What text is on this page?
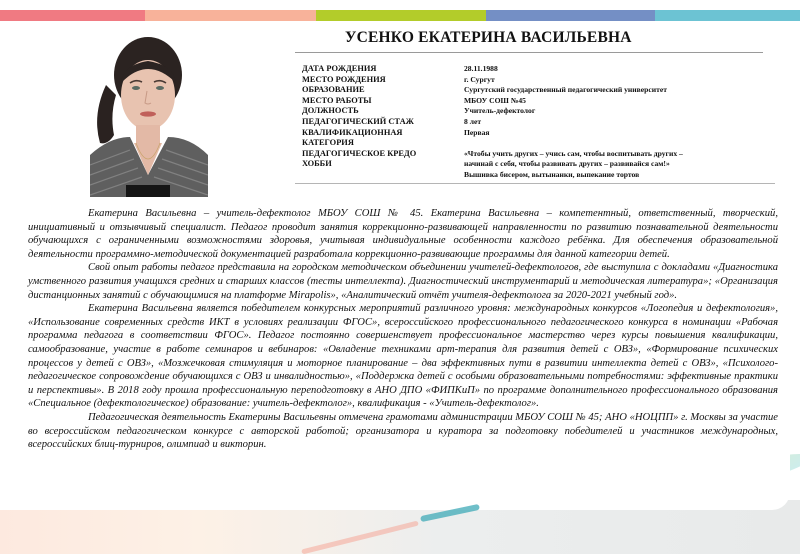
УСЕНКО ЕКАТЕРИНА ВАСИЛЬЕВНА
ДАТА РОЖДЕНИЯ
МЕСТО РОЖДЕНИЯ
ОБРАЗОВАНИЕ
МЕСТО РАБОТЫ
ДОЛЖНОСТЬ
ПЕДАГОГИЧЕСКИЙ СТАЖ
КВАЛИФИКАЦИОННАЯ
КАТЕГОРИЯ
ПЕДАГОГИЧЕСКОЕ КРЕДО
ХОББИ
28.11.1988
г. Сургут
Сургутский государственный педагогический университет
МБОУ СОШ №45
Учитель-дефектолог
8 лет
Первая
«Чтобы учить других – учись сам, чтобы воспитывать других –
начинай с себя, чтобы развивать других – развивайся сам!»
Вышивка бисером, вытынанки, выпекание тортов

Екатерина Васильевна – учитель-дефектолог МБОУ СОШ № 45. Екатерина Васильевна – компетентный, ответственный, творческий, инициативный и отзывчивый специалист. Педагог проводит занятия коррекционно-развивающей направленности по развитию познавательной деятельности обучающихся с ограниченными возможностями здоровья, учитывая индивидуальные особенности каждого ребёнка. Для обеспечения образовательной деятельности программно-методической документацией разработала коррекционно-развивающие программы для данной категории детей.

Свой опыт работы педагог представила на городском методическом объединении учителей-дефектологов, где выступила с докладами «Диагностика умственного развития учащихся средних и старших классов (тесты интеллекта). Диагностический инструментарий и методическая литература»; «Организация дистанционных занятий с обучающимися на платформе Mirapolis», «Аналитический отчёт учителя-дефектолога за 2020-2021 учебный год».

Екатерина Васильевна является победителем конкурсных мероприятий различного уровня: международных конкурсов «Логопедия и дефектология», «Использование современных средств ИКТ в условиях реализации ФГОС», всероссийского профессионального педагогического конкурса в номинации «Рабочая программа педагога в соответствии ФГОС». Педагог постоянно совершенствует профессиональное мастерство через курсы повышения квалификации, самообразование, участие в работе семинаров и вебинаров: «Овладение техниками арт-терапия для развития детей с ОВЗ», «Формирование психических процессов у детей с ОВЗ», «Мозжечковая стимуляция и моторное планирование – два эффективных пути в развитии интеллекта детей с ОВЗ», «Психолого-педагогическое сопровождение обучающихся с ОВЗ и инвалидностью», «Поддержка детей с особыми образовательными потребностями: эффективные практики и перспективы». В 2018 году прошла профессиональную переподготовку в АНО ДПО «ФИПКиП» по программе дополнительного профессионального образования «Специальное (дефектологическое) образование: учитель-дефектолог», квалификация - «Учитель-дефектолог».

Педагогическая деятельность Екатерины Васильевны отмечена грамотами администрации МБОУ СОШ № 45; АНО «НОЦПП» г. Москвы за участие во всероссийском педагогическом конкурсе с авторской работой; организатора и куратора за подготовку победителей и участников международных, всероссийских блиц-турниров, олимпиад и викторин.
